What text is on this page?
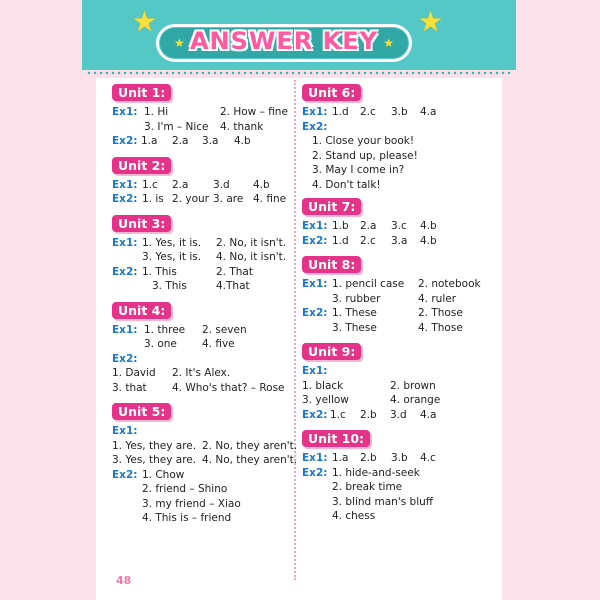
★	★
★	★
ANSWER KEY
Unit 1:
Ex1: 1. Hi	2. How – fine
3. I'm – Nice 4. thank
Ex2: 1.a 2.a 3.a 4.b
Unit 2:
Ex1: 1.c 2.a 3.d 4.b
Ex2: 1. is 2. your 3. are 4. fine
Unit 3:
Ex1: 1. Yes, it is. 2. No, it isn't.
3. Yes, it is. 4. No, it isn't.
Ex2: 1. This	2. That
3. This	4.That
Unit 4:
Ex1: 1. three 2. seven
3. one 4. five
Ex2:
1. David 2. It's Alex.
3. that 4. Who's that? – Rose
Unit 5:
Ex1:
1. Yes, they are. 2. No, they aren't.
3. Yes, they are. 4. No, they aren't.
Ex2: 1. Chow
2. friend – Shino
3. my friend – Xiao
4. This is – friend
Unit 6:
Ex1: 1.d 2.c 3.b 4.a
Ex2:
1. Close your book!
2. Stand up, please!
3. May I come in?
4. Don't talk!
Unit 7:
Ex1: 1.b 2.a 3.c 4.b
Ex2: 1.d 2.c 3.a 4.b
Unit 8:
Ex1: 1. pencil case 2. notebook
3. rubber	4. ruler
Ex2: 1. These	2. Those
3. These	4. Those
Unit 9:
Ex1:
1. black	2. brown
3. yellow	4. orange
Ex2: 1.c 2.b 3.d 4.a
Unit 10:
Ex1: 1.a 2.b 3.b 4.c
Ex2: 1. hide-and-seek
2. break time
3. blind man's bluff
4. chess
48
